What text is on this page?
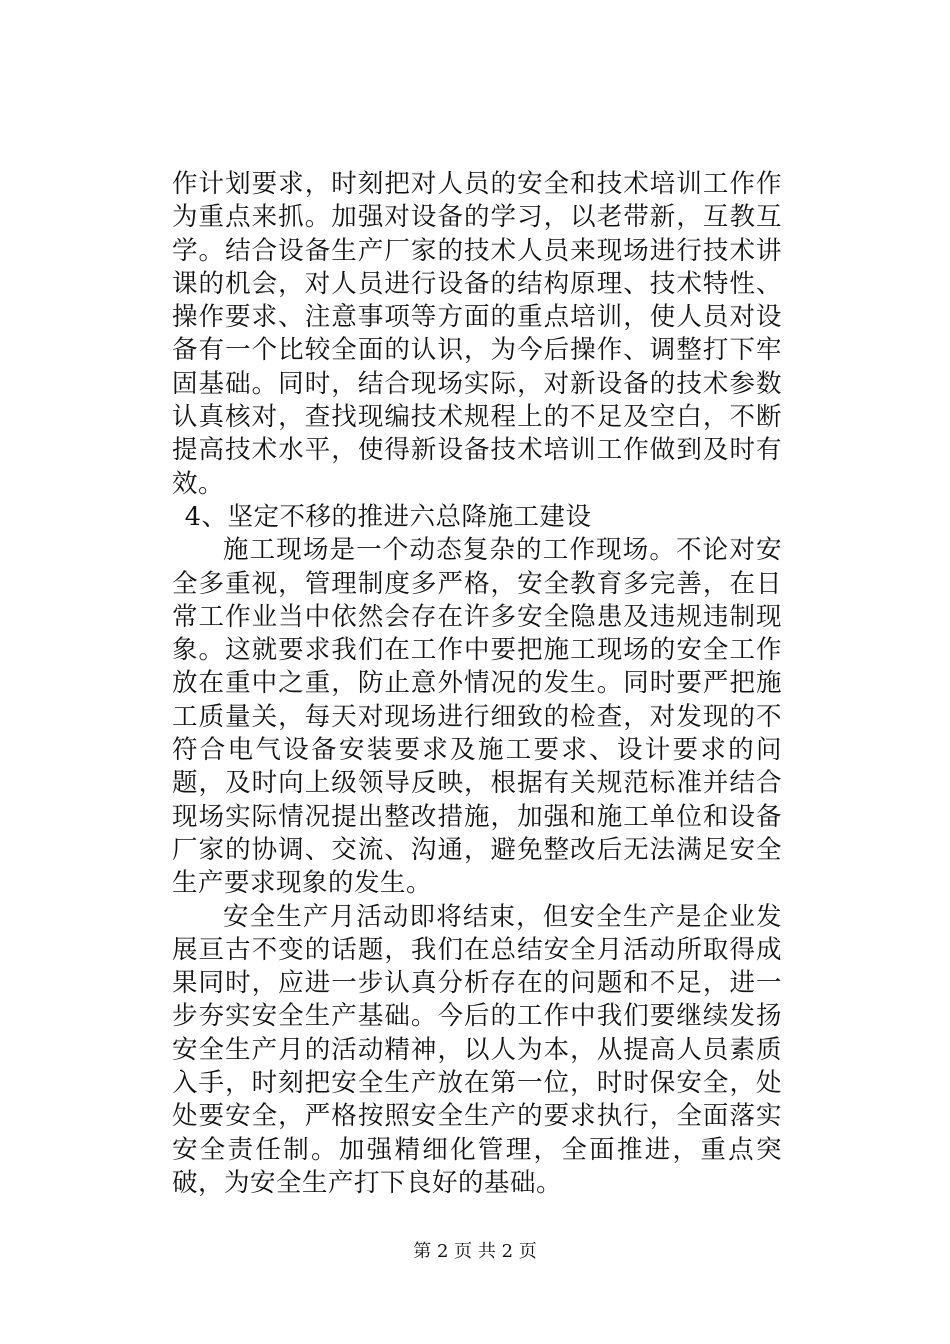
作计划要求，时刻把对人员的安全和技术培训工作作为重点来抓。加强对设备的学习，以老带新，互教互学。结合设备生产厂家的技术人员来现场进行技术讲课的机会，对人员进行设备的结构原理、技术特性、操作要求、注意事项等方面的重点培训，使人员对设备有一个比较全面的认识，为今后操作、调整打下牢固基础。同时，结合现场实际，对新设备的技术参数认真核对，查找现编技术规程上的不足及空白，不断提高技术水平，使得新设备技术培训工作做到及时有效。

4、坚定不移的推进六总降施工建设

施工现场是一个动态复杂的工作现场。不论对安全多重视，管理制度多严格，安全教育多完善，在日常工作业当中依然会存在许多安全隐患及违规违制现象。这就要求我们在工作中要把施工现场的安全工作放在重中之重，防止意外情况的发生。同时要严把施工质量关，每天对现场进行细致的检查，对发现的不符合电气设备安装要求及施工要求、设计要求的问题，及时向上级领导反映，根据有关规范标准并结合现场实际情况提出整改措施，加强和施工单位和设备厂家的协调、交流、沟通，避免整改后无法满足安全生产要求现象的发生。

安全生产月活动即将结束，但安全生产是企业发展亘古不变的话题，我们在总结安全月活动所取得成果同时，应进一步认真分析存在的问题和不足，进一步夯实安全生产基础。今后的工作中我们要继续发扬安全生产月的活动精神，以人为本，从提高人员素质入手，时刻把安全生产放在第一位，时时保安全，处处要安全，严格按照安全生产的要求执行，全面落实安全责任制。加强精细化管理，全面推进，重点突破，为安全生产打下良好的基础。

第 2 页 共 2 页
